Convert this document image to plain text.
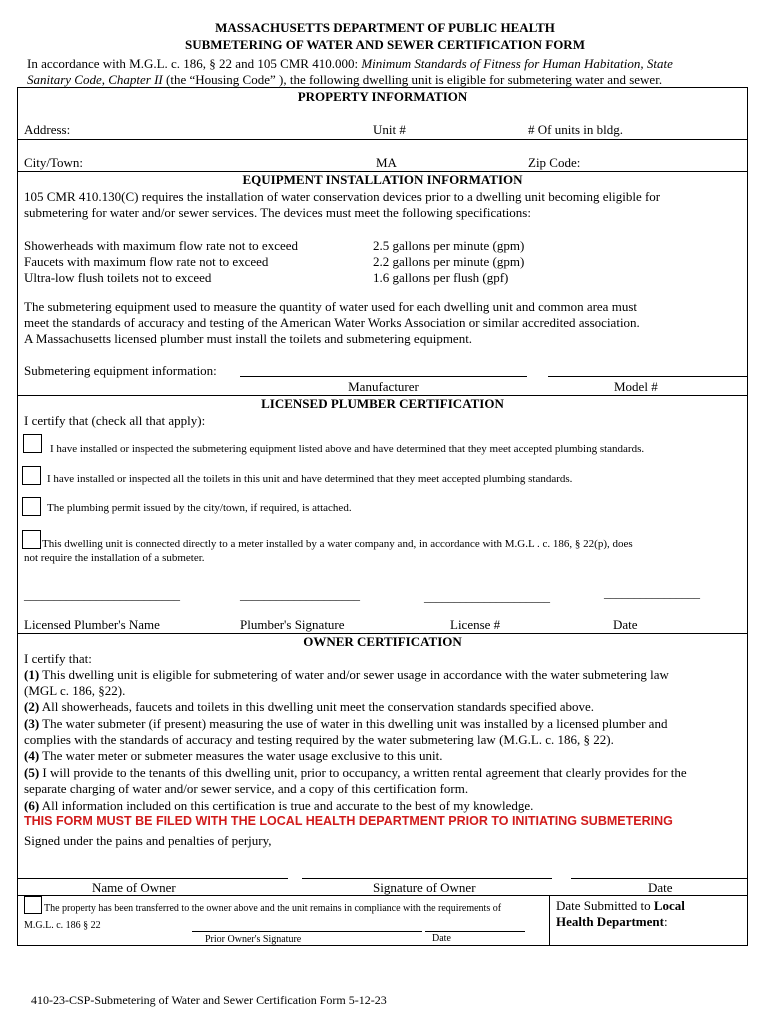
MASSACHUSETTS DEPARTMENT OF PUBLIC HEALTH
SUBMETERING OF WATER AND SEWER CERTIFICATION FORM
In accordance with M.G.L. c. 186, § 22 and 105 CMR 410.000: Minimum Standards of Fitness for Human Habitation, State
Sanitary Code, Chapter II (the “Housing Code” ), the following dwelling unit is eligible for submetering water and sewer.
PROPERTY INFORMATION
Address:	Unit #	# Of units in bldg.
City/Town:	MA	Zip Code:
EQUIPMENT INSTALLATION INFORMATION
105 CMR 410.130(C) requires the installation of water conservation devices prior to a dwelling unit becoming eligible for
submetering for water and/or sewer services. The devices must meet the following specifications:
Showerheads with maximum flow rate not to exceed	2.5 gallons per minute (gpm)
Faucets with maximum flow rate not to exceed	2.2 gallons per minute (gpm)
Ultra-low flush toilets not to exceed	1.6 gallons per flush (gpf)
The submetering equipment used to measure the quantity of water used for each dwelling unit and common area must
meet the standards of accuracy and testing of the American Water Works Association or similar accredited association.
A Massachusetts licensed plumber must install the toilets and submetering equipment.
Submetering equipment information:
Manufacturer	Model #
LICENSED PLUMBER CERTIFICATION
I certify that (check all that apply):
I have installed or inspected the submetering equipment listed above and have determined that they meet accepted plumbing standards.
I have installed or inspected all the toilets in this unit and have determined that they meet accepted plumbing standards.
The plumbing permit issued by the city/town, if required, is attached.
This dwelling unit is connected directly to a meter installed by a water company and, in accordance with M.G.L . c. 186, § 22(p), does
not require the installation of a submeter.
__________________________	____________________	_____________________	________________
Licensed Plumber's Name	Plumber's Signature	License #	Date
OWNER CERTIFICATION
I certify that:
(1) This dwelling unit is eligible for submetering of water and/or sewer usage in accordance with the water submetering law
(MGL c. 186, §22).
(2) All showerheads, faucets and toilets in this dwelling unit meet the conservation standards specified above.
(3) The water submeter (if present) measuring the use of water in this dwelling unit was installed by a licensed plumber and
complies with the standards of accuracy and testing required by the water submetering law (M.G.L. c. 186, § 22).
(4) The water meter or submeter measures the water usage exclusive to this unit.
(5) I will provide to the tenants of this dwelling unit, prior to occupancy, a written rental agreement that clearly provides for the
separate charging of water and/or sewer service, and a copy of this certification form.
(6) All information included on this certification is true and accurate to the best of my knowledge.
THIS FORM MUST BE FILED WITH THE LOCAL HEALTH DEPARTMENT PRIOR TO INITIATING SUBMETERING
Signed under the pains and penalties of perjury,
Name of Owner	Signature of Owner	Date
The property has been transferred to the owner above and the unit remains in compliance with the requirements of
M.G.L. c. 186 § 22
Prior Owner's Signature	Date
Date Submitted to Local
Health Department:
410-23-CSP-Submetering of Water and Sewer Certification Form 5-12-23
